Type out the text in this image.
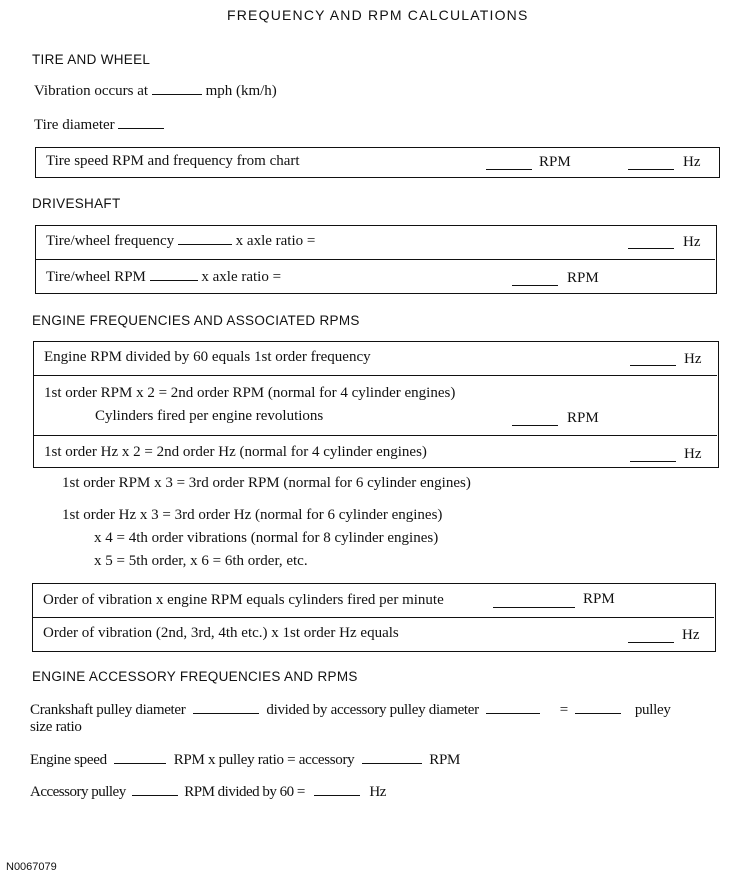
FREQUENCY AND RPM CALCULATIONS
TIRE AND WHEEL
Vibration occurs at	mph (km/h)
Tire diameter
Tire speed RPM and frequency from chart	RPM	Hz
DRIVESHAFT
Tire/wheel frequency	x axle ratio =	Hz
Tire/wheel RPM	x axle ratio =	RPM
ENGINE FREQUENCIES AND ASSOCIATED RPMS
Engine RPM divided by 60 equals 1st order frequency	Hz
1st order RPM x 2 = 2nd order RPM (normal for 4 cylinder engines)
Cylinders fired per engine revolutions	RPM
1st order Hz x 2 = 2nd order Hz (normal for 4 cylinder engines)	Hz
1st order RPM x 3 = 3rd order RPM (normal for 6 cylinder engines)
1st order Hz x 3 = 3rd order Hz (normal for 6 cylinder engines)
x 4 = 4th order vibrations (normal for 8 cylinder engines)
x 5 = 5th order, x 6 = 6th order, etc.
Order of vibration x engine RPM equals cylinders fired per minute	RPM
Order of vibration (2nd, 3rd, 4th etc.) x 1st order Hz equals	Hz
ENGINE ACCESSORY FREQUENCIES AND RPMS
Crankshaft pulley diameter	divided by accessory pulley diameter	=	pulley
size ratio
Engine speed	RPM x pulley ratio = accessory	RPM
Accessory pulley	RPM divided by 60 =	Hz
N0067079
